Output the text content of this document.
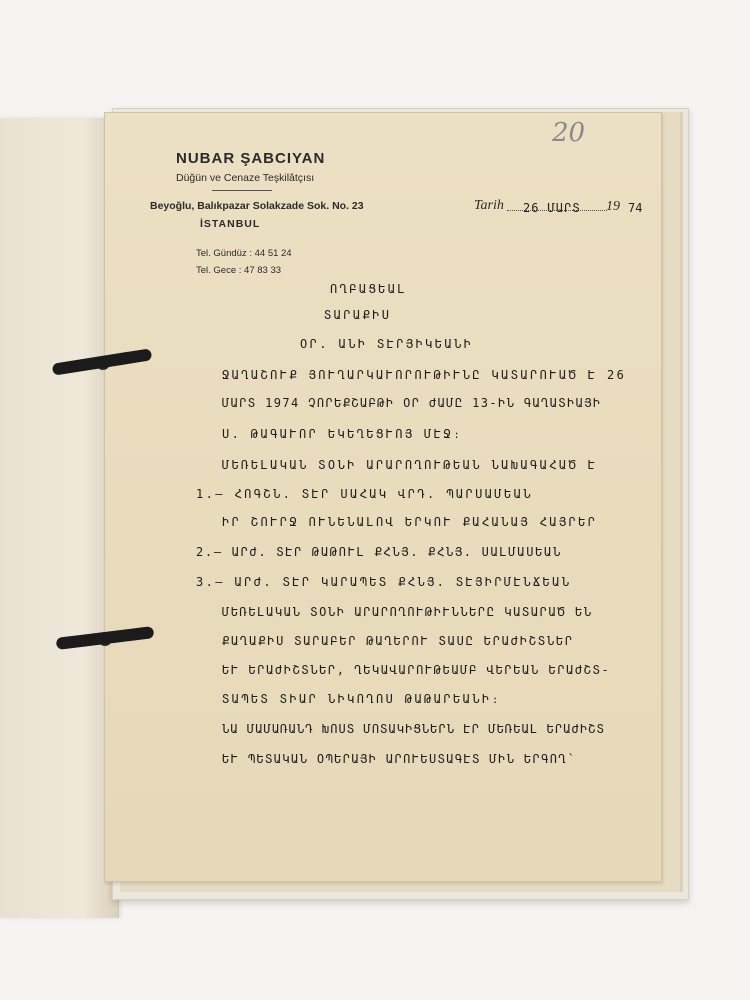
NUBAR ŞABCIYAN
Düğün ve Cenaze Teşkilâtçısı
Beyoğlu, Balıkpazar Solakzade Sok. No. 23
İSTANBUL
Tel. Gündüz : 44 51 24
Tel. Gece : 47 83 33
20
Tarih 26 ՄԱՐՏ 19 74
ՈՂԲԱՑԵԱԼ
ՏԱՐԱՔԻՍ
ՕՐ. ԱՆԻ ՏԷՐՅԻԿԵԱՆԻ
ՋԱՂԱՇՈՒՔ ՅՈՒՂԱՐԿԱՒՈՐՈՒԹԻՒՆԸ ԿԱՏԱՐՈՒԱԾ Է 26
ՄԱՐՏ 1974 ՉՈՐԵՔՇԱԲԹԻ ՕՐ ԺԱՄԸ 13-ԻՆ ԳԱՂԱՏԻԱՅԻ
Ս. ԹԱԳԱՒՈՐ ԵԿԵՂԵՑՒՈՅ ՄԷՋ։
ՄԵՌԵԼԱԿԱՆ ՏՕՆԻ ԱՐԱՐՈՂՈՒԹԵԱՆ ՆԱԽԱԳԱՀԱԾ Է
1.– ՀՈԳՇՆ. ՏԷՐ ՍԱՀԱԿ ՎՐԴ. ՊԱՐՍԱՄԵԱՆ
ԻՐ ՇՈՒՐՋ ՈՒՆԵՆԱԼՈՎ ԵՐԿՈՒ ՔԱՀԱՆԱՅ ՀԱՅՐԵՐ
2.– ԱՐԺ. ՏԷՐ ԹԱԹՈՒԼ ՔՀՆՅ. ՔՀՆՅ. ՍԱԼՄԱՍԵԱՆ
3.– ԱՐԺ. ՏԷՐ ԿԱՐԱՊԵՏ ՔՀՆՅ. ՏԷՅԻՐՄԷՆՃԵԱՆ
ՄԵՌԵԼԱԿԱՆ ՏՕՆԻ ԱՐԱՐՈՂՈՒԹԻՒՆՆԵՐԸ ԿԱՏԱՐԱԾ ԵՆ
ՔԱՂԱՔԻՍ ՏԱՐԱԲԵՐ ԹԱՂԵՐՈՒ ՏԱՍԸ ԵՐԱԺԻՇՏՆԵՐ
ԵՒ ԵՐԱԺԻՇՏՆԵՐ, ՂԵԿԱՎԱՐՈՒԹԵԱՄԲ ՎԵՐԵԱՆ ԵՐԱԺՇՏ-
ՏԱՊԵՏ ՏԻԱՐ ՆԻԿՈՂՈՍ ԹԱԹԱՐԵԱՆԻ։
ՆԱ ՄԱՄԱՌԱՆԴ ԽՈՍՏ ՄՈՏԱԿԻՑՆԵՐՆ ԷՐ ՄԵՌԵԱԼ ԵՐԱԺԻՇՏ
ԵՒ ՊԵՏԱԿԱՆ ՕՊԵՐԱՅԻ ԱՐՈՒԵՍՏԱԳԷՏ ՄԻՆ ԵՐԳՈՂ՝
